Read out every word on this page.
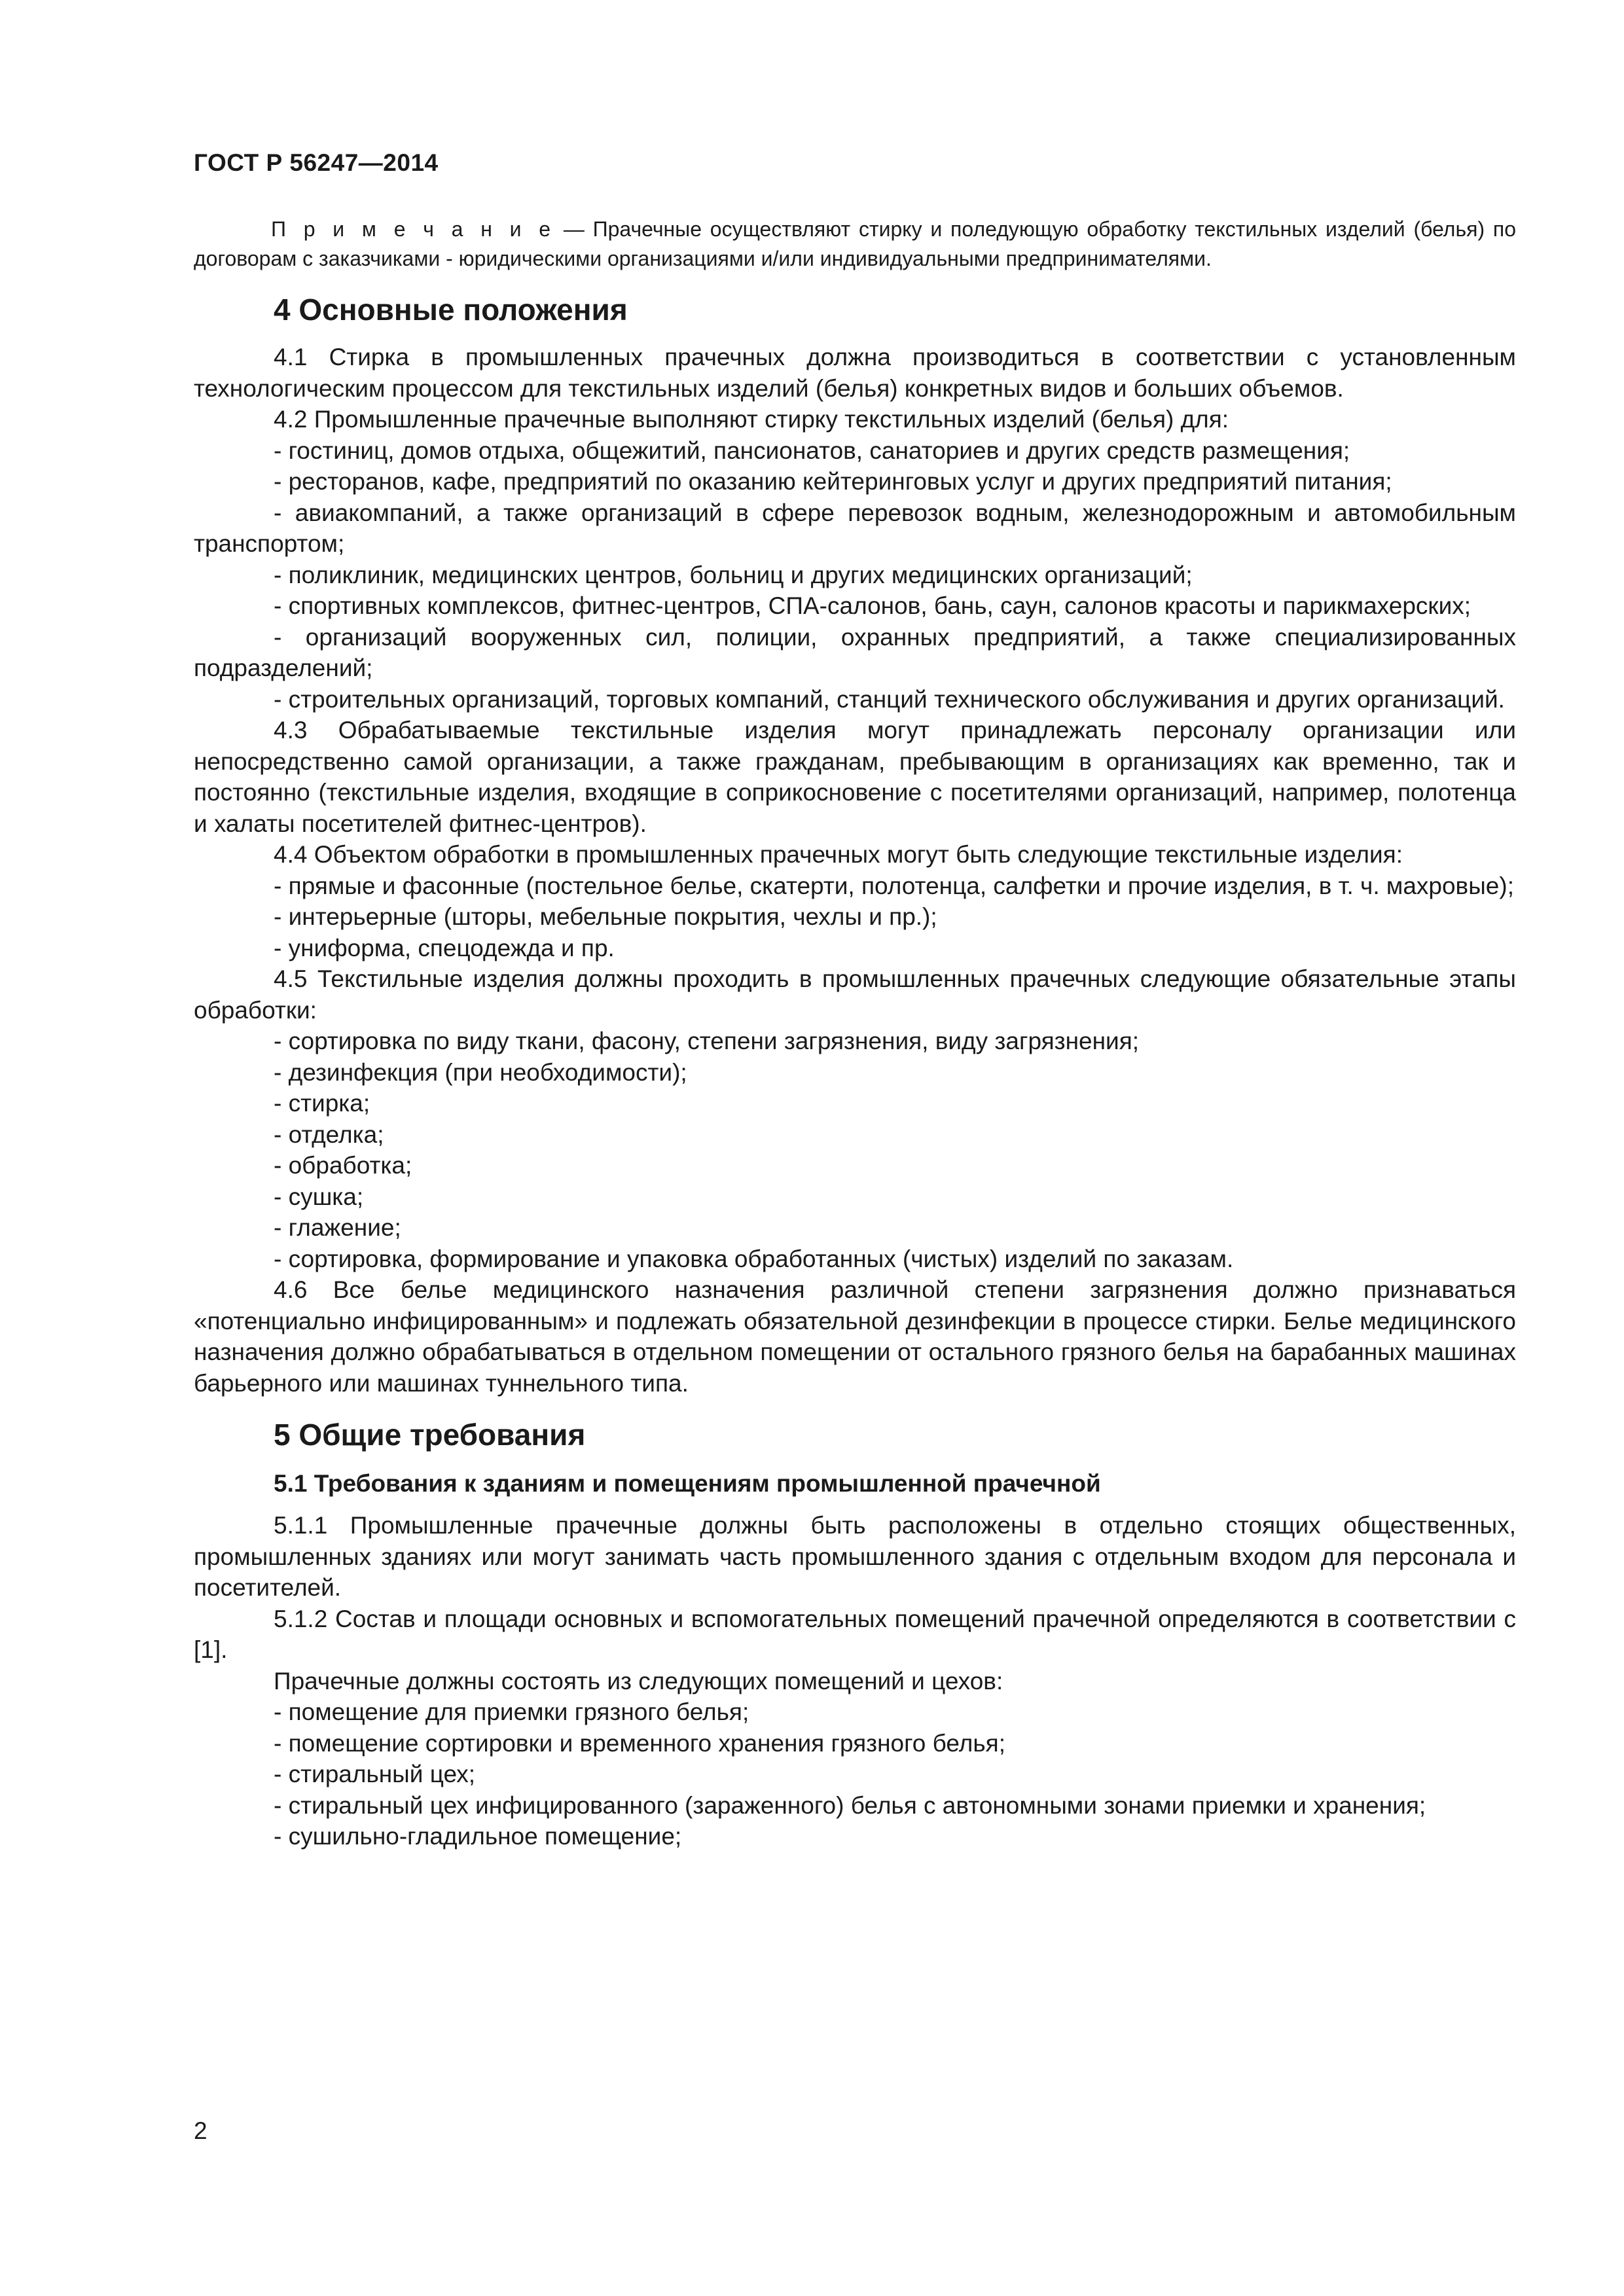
ГОСТ Р 56247—2014

П р и м е ч а н и е — Прачечные осуществляют стирку и поледующую обработку текстильных изделий (белья) по договорам с заказчиками - юридическими организациями и/или индивидуальными предпринимателями.

4 Основные положения

4.1 Стирка в промышленных прачечных должна производиться в соответствии с установленным технологическим процессом для текстильных изделий (белья) конкретных видов и больших объемов.

4.2 Промышленные прачечные выполняют стирку текстильных изделий (белья) для:

- гостиниц, домов отдыха, общежитий, пансионатов, санаториев и других средств размещения;

- ресторанов, кафе, предприятий по оказанию кейтеринговых услуг и других предприятий питания;

- авиакомпаний, а также организаций в сфере перевозок водным, железнодорожным и автомобильным транспортом;

- поликлиник, медицинских центров, больниц и других медицинских организаций;

- спортивных комплексов, фитнес-центров, СПА-салонов, бань, саун, салонов красоты и парикмахерских;

- организаций вооруженных сил, полиции, охранных предприятий, а также специализированных подразделений;

- строительных организаций, торговых компаний, станций технического обслуживания и других организаций.

4.3 Обрабатываемые текстильные изделия могут принадлежать персоналу организации или непосредственно самой организации, а также гражданам, пребывающим в организациях как временно, так и постоянно (текстильные изделия, входящие в соприкосновение с посетителями организаций, например, полотенца и халаты посетителей фитнес-центров).

4.4 Объектом обработки в промышленных прачечных могут быть следующие текстильные изделия:

- прямые и фасонные (постельное белье, скатерти, полотенца, салфетки и прочие изделия, в т. ч. махровые);

- интерьерные (шторы, мебельные покрытия, чехлы и пр.);

- униформа, спецодежда и пр.

4.5 Текстильные изделия должны проходить в промышленных прачечных следующие обязательные этапы обработки:

- сортировка по виду ткани, фасону, степени загрязнения, виду загрязнения;

- дезинфекция (при необходимости);

- стирка;

- отделка;

- обработка;

- сушка;

- глажение;

- сортировка, формирование и упаковка обработанных (чистых) изделий по заказам.

4.6 Все белье медицинского назначения различной степени загрязнения должно признаваться «потенциально инфицированным» и подлежать обязательной дезинфекции в процессе стирки. Белье медицинского назначения должно обрабатываться в отдельном помещении от остального грязного белья на барабанных машинах барьерного или машинах туннельного типа.

5 Общие требования
5.1 Требования к зданиям и помещениям промышленной прачечной

5.1.1 Промышленные прачечные должны быть расположены в отдельно стоящих общественных, промышленных зданиях или могут занимать часть промышленного здания с отдельным входом для персонала и посетителей.

5.1.2 Состав и площади основных и вспомогательных помещений прачечной определяются в соответствии с [1].

Прачечные должны состоять из следующих помещений и цехов:

- помещение для приемки грязного белья;

- помещение сортировки и временного хранения грязного белья;

- стиральный цех;

- стиральный цех инфицированного (зараженного) белья с автономными зонами приемки и хранения;

- сушильно-гладильное помещение;

2
